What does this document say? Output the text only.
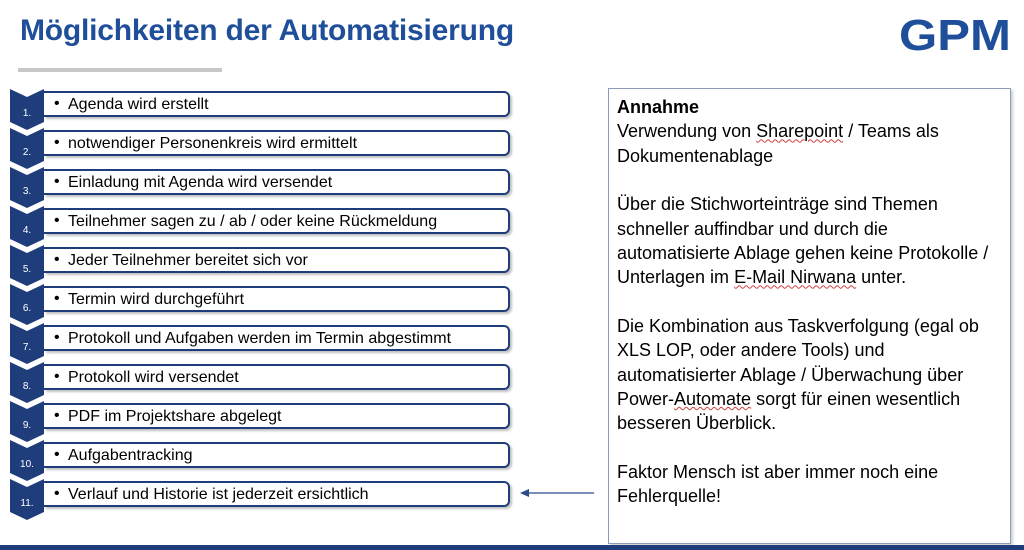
Möglichkeiten der Automatisierung	GPM
1.
• Agenda wird erstellt
2.
• notwendiger Personenkreis wird ermittelt
3.
• Einladung mit Agenda wird versendet
4.
• Teilnehmer sagen zu / ab / oder keine Rückmeldung
5.
• Jeder Teilnehmer bereitet sich vor
6.
• Termin wird durchgeführt
7.
• Protokoll und Aufgaben werden im Termin abgestimmt
8.
• Protokoll wird versendet
9.
• PDF im Projektshare abgelegt
10.
• Aufgabentracking
11.
• Verlauf und Historie ist jederzeit ersichtlich

Annahme

Verwendung von Sharepoint / Teams als Dokumentenablage

Über die Stichworteinträge sind Themen schneller auffindbar und durch die automatisierte Ablage gehen keine Protokolle / Unterlagen im E-Mail Nirwana unter.

Die Kombination aus Taskverfolgung (egal ob XLS LOP, oder andere Tools) und automatisierter Ablage / Überwachung über Power-Automate sorgt für einen wesentlich besseren Überblick.

Faktor Mensch ist aber immer noch eine Fehlerquelle!
